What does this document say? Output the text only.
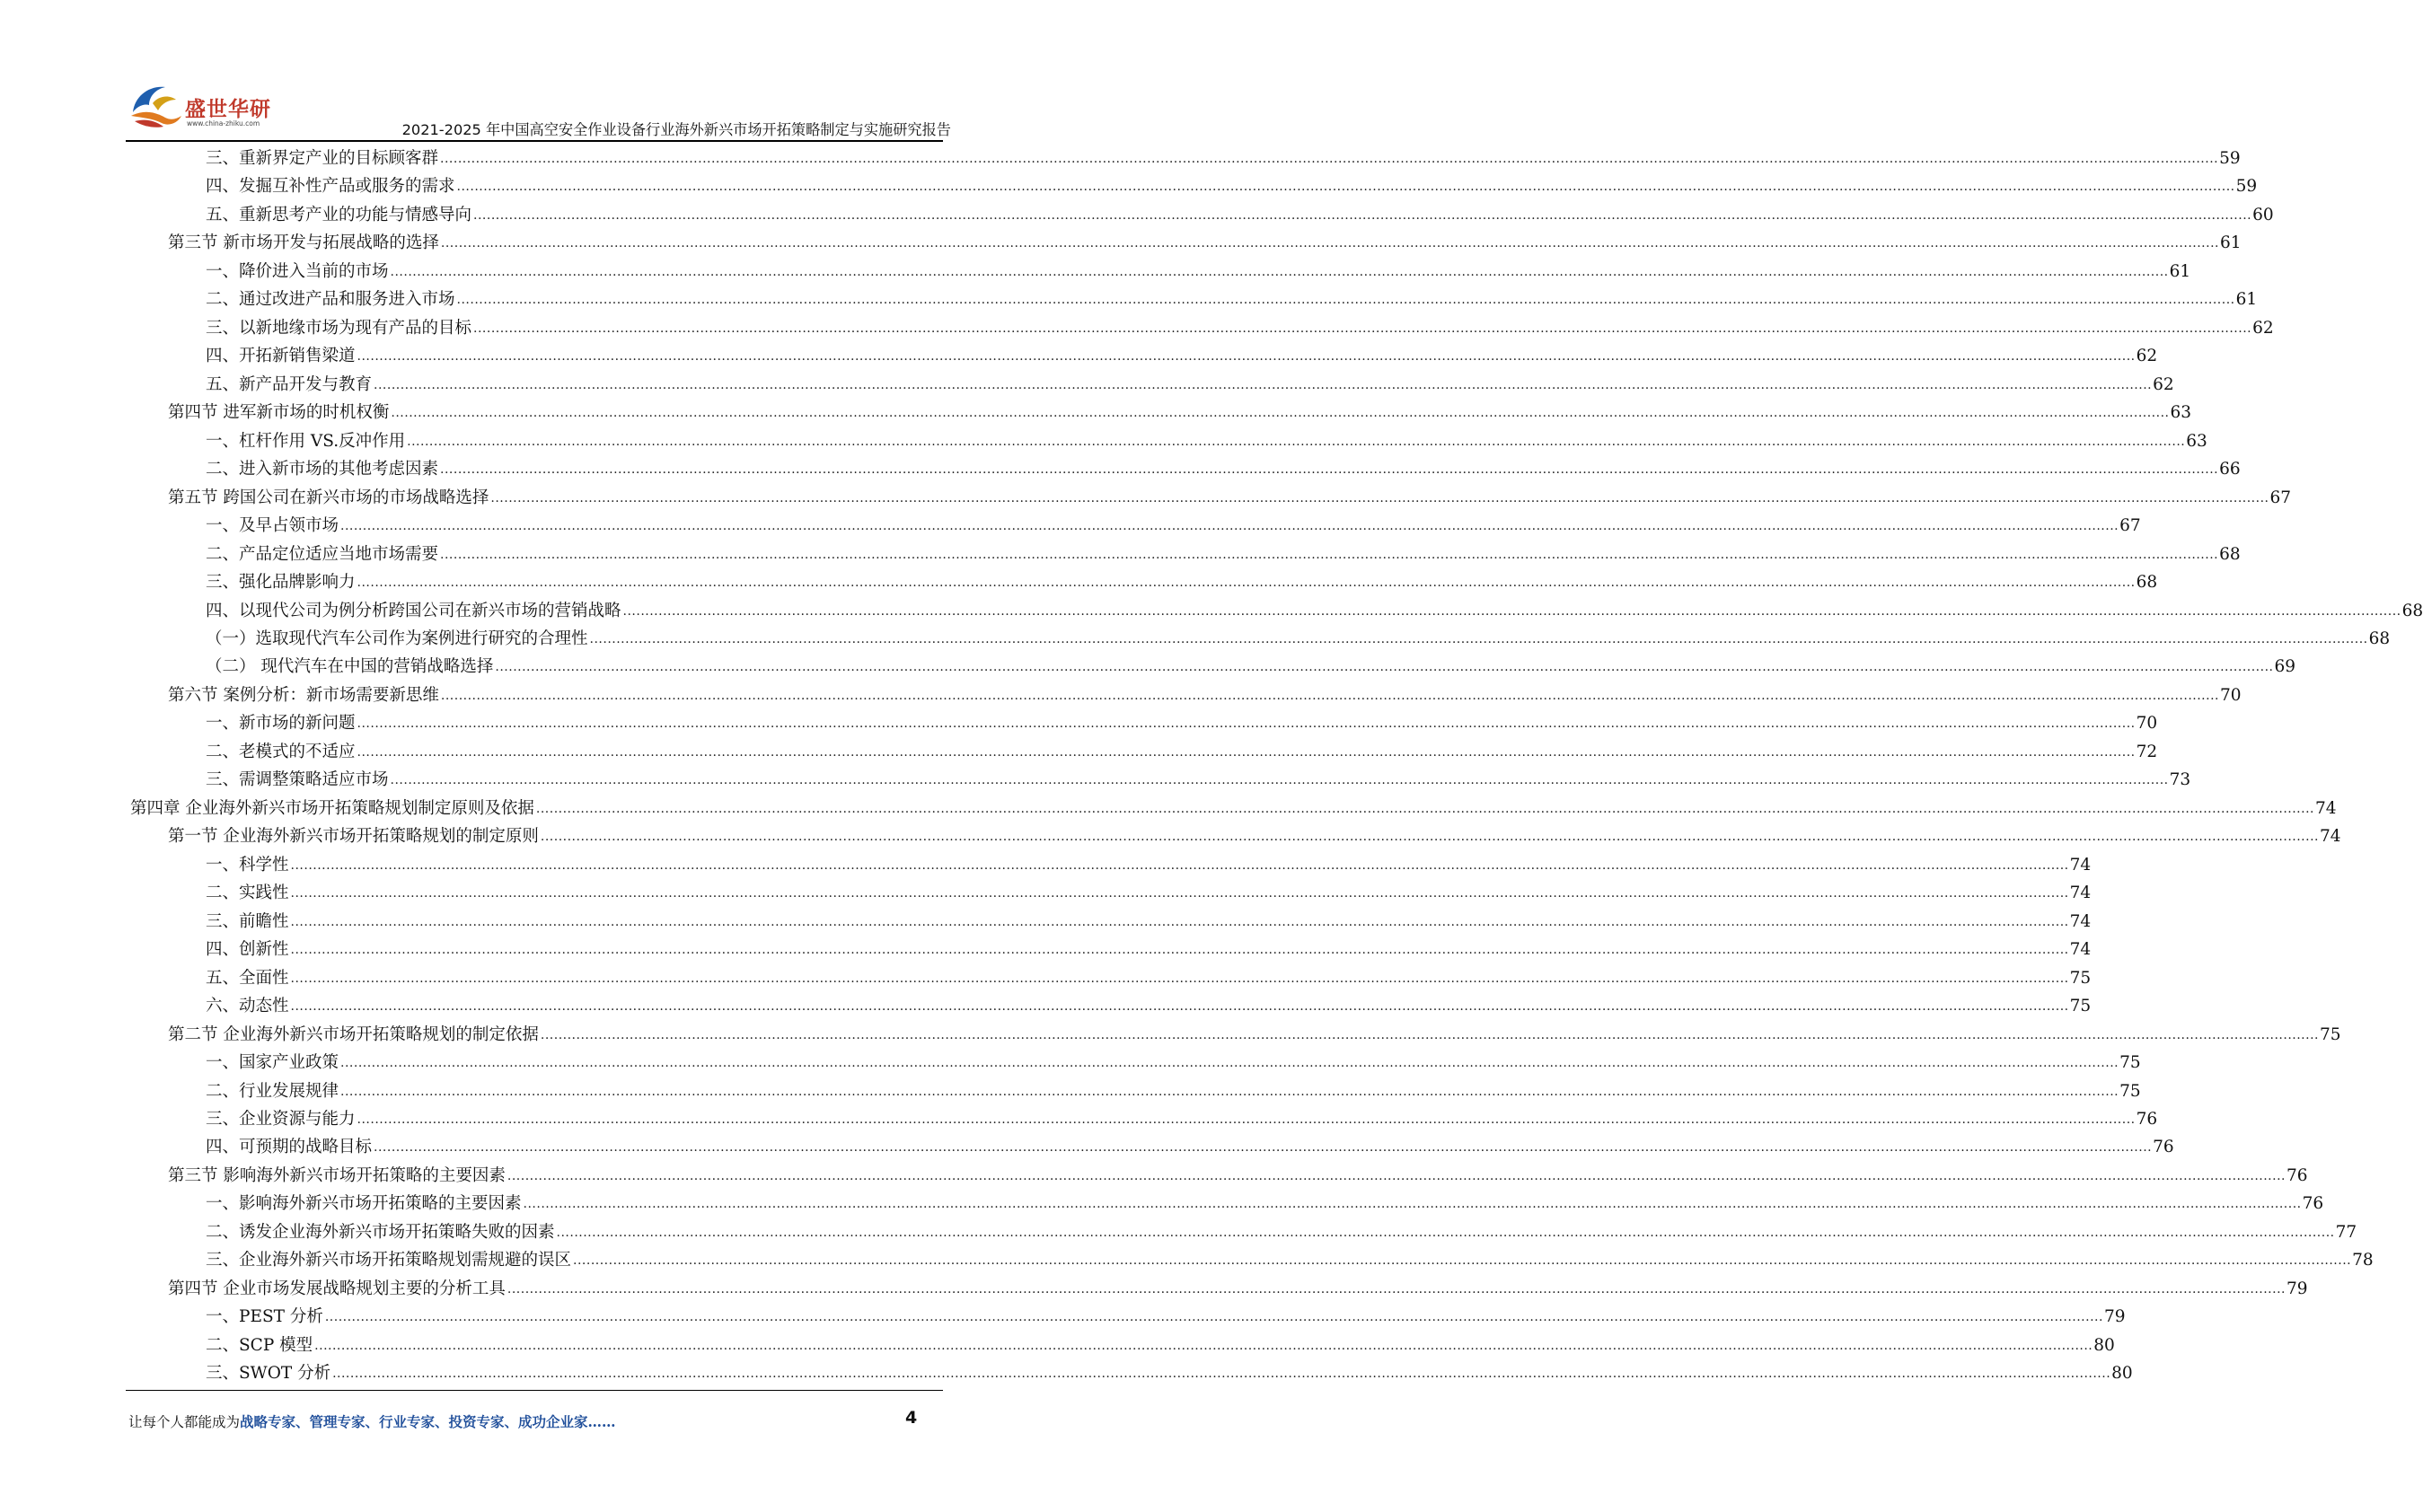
盛世华研
www.china-zhiku.com	2021-2025 年中国高空安全作业设备行业海外新兴市场开拓策略制定与实施研究报告
三、重新界定产业的目标顾客群 ................................................................................................................................................................................................................................................................................................................................................................................................................ 59
四、发掘互补性产品或服务的需求 ................................................................................................................................................................................................................................................................................................................................................................................................................ 59
五、重新思考产业的功能与情感导向 ................................................................................................................................................................................................................................................................................................................................................................................................................ 60
第三节 新市场开发与拓展战略的选择 ................................................................................................................................................................................................................................................................................................................................................................................................................ 61
一、降价进入当前的市场 ................................................................................................................................................................................................................................................................................................................................................................................................................ 61
二、通过改进产品和服务进入市场 ................................................................................................................................................................................................................................................................................................................................................................................................................ 61
三、以新地缘市场为现有产品的目标 ................................................................................................................................................................................................................................................................................................................................................................................................................ 62
四、开拓新销售梁道 ................................................................................................................................................................................................................................................................................................................................................................................................................ 62
五、新产品开发与教育 ................................................................................................................................................................................................................................................................................................................................................................................................................ 62
第四节 进军新市场的时机权衡 ................................................................................................................................................................................................................................................................................................................................................................................................................ 63
一、杠杆作用 VS.反冲作用 ................................................................................................................................................................................................................................................................................................................................................................................................................ 63
二、进入新市场的其他考虑因素 ................................................................................................................................................................................................................................................................................................................................................................................................................ 66
第五节 跨国公司在新兴市场的市场战略选择 ................................................................................................................................................................................................................................................................................................................................................................................................................ 67
一、及早占领市场 ................................................................................................................................................................................................................................................................................................................................................................................................................ 67
二、产品定位适应当地市场需要 ................................................................................................................................................................................................................................................................................................................................................................................................................ 68
三、强化品牌影响力 ................................................................................................................................................................................................................................................................................................................................................................................................................ 68
四、以现代公司为例分析跨国公司在新兴市场的营销战略 ................................................................................................................................................................................................................................................................................................................................................................................................................ 68
（一）选取现代汽车公司作为案例进行研究的合理性 ................................................................................................................................................................................................................................................................................................................................................................................................................ 68
（二） 现代汽车在中国的营销战略选择 ................................................................................................................................................................................................................................................................................................................................................................................................................ 69
第六节 案例分析：新市场需要新思维 ................................................................................................................................................................................................................................................................................................................................................................................................................ 70
一、新市场的新问题 ................................................................................................................................................................................................................................................................................................................................................................................................................ 70
二、老模式的不适应 ................................................................................................................................................................................................................................................................................................................................................................................................................ 72
三、需调整策略适应市场 ................................................................................................................................................................................................................................................................................................................................................................................................................ 73
第四章 企业海外新兴市场开拓策略规划制定原则及依据 ................................................................................................................................................................................................................................................................................................................................................................................................................ 74
第一节 企业海外新兴市场开拓策略规划的制定原则 ................................................................................................................................................................................................................................................................................................................................................................................................................ 74
一、科学性 ................................................................................................................................................................................................................................................................................................................................................................................................................ 74
二、实践性 ................................................................................................................................................................................................................................................................................................................................................................................................................ 74
三、前瞻性 ................................................................................................................................................................................................................................................................................................................................................................................................................ 74
四、创新性 ................................................................................................................................................................................................................................................................................................................................................................................................................ 74
五、全面性 ................................................................................................................................................................................................................................................................................................................................................................................................................ 75
六、动态性 ................................................................................................................................................................................................................................................................................................................................................................................................................ 75
第二节 企业海外新兴市场开拓策略规划的制定依据 ................................................................................................................................................................................................................................................................................................................................................................................................................ 75
一、国家产业政策 ................................................................................................................................................................................................................................................................................................................................................................................................................ 75
二、行业发展规律 ................................................................................................................................................................................................................................................................................................................................................................................................................ 75
三、企业资源与能力 ................................................................................................................................................................................................................................................................................................................................................................................................................ 76
四、可预期的战略目标 ................................................................................................................................................................................................................................................................................................................................................................................................................ 76
第三节 影响海外新兴市场开拓策略的主要因素 ................................................................................................................................................................................................................................................................................................................................................................................................................ 76
一、影响海外新兴市场开拓策略的主要因素 ................................................................................................................................................................................................................................................................................................................................................................................................................ 76
二、诱发企业海外新兴市场开拓策略失败的因素 ................................................................................................................................................................................................................................................................................................................................................................................................................ 77
三、企业海外新兴市场开拓策略规划需规避的误区 ................................................................................................................................................................................................................................................................................................................................................................................................................ 78
第四节 企业市场发展战略规划主要的分析工具 ................................................................................................................................................................................................................................................................................................................................................................................................................ 79
一、PEST 分析 ................................................................................................................................................................................................................................................................................................................................................................................................................ 79
二、SCP 模型 ................................................................................................................................................................................................................................................................................................................................................................................................................ 80
三、SWOT 分析 ................................................................................................................................................................................................................................................................................................................................................................................................................ 80
让每个人都能成为战略专家、管理专家、行业专家、投资专家、成功企业家……	4
